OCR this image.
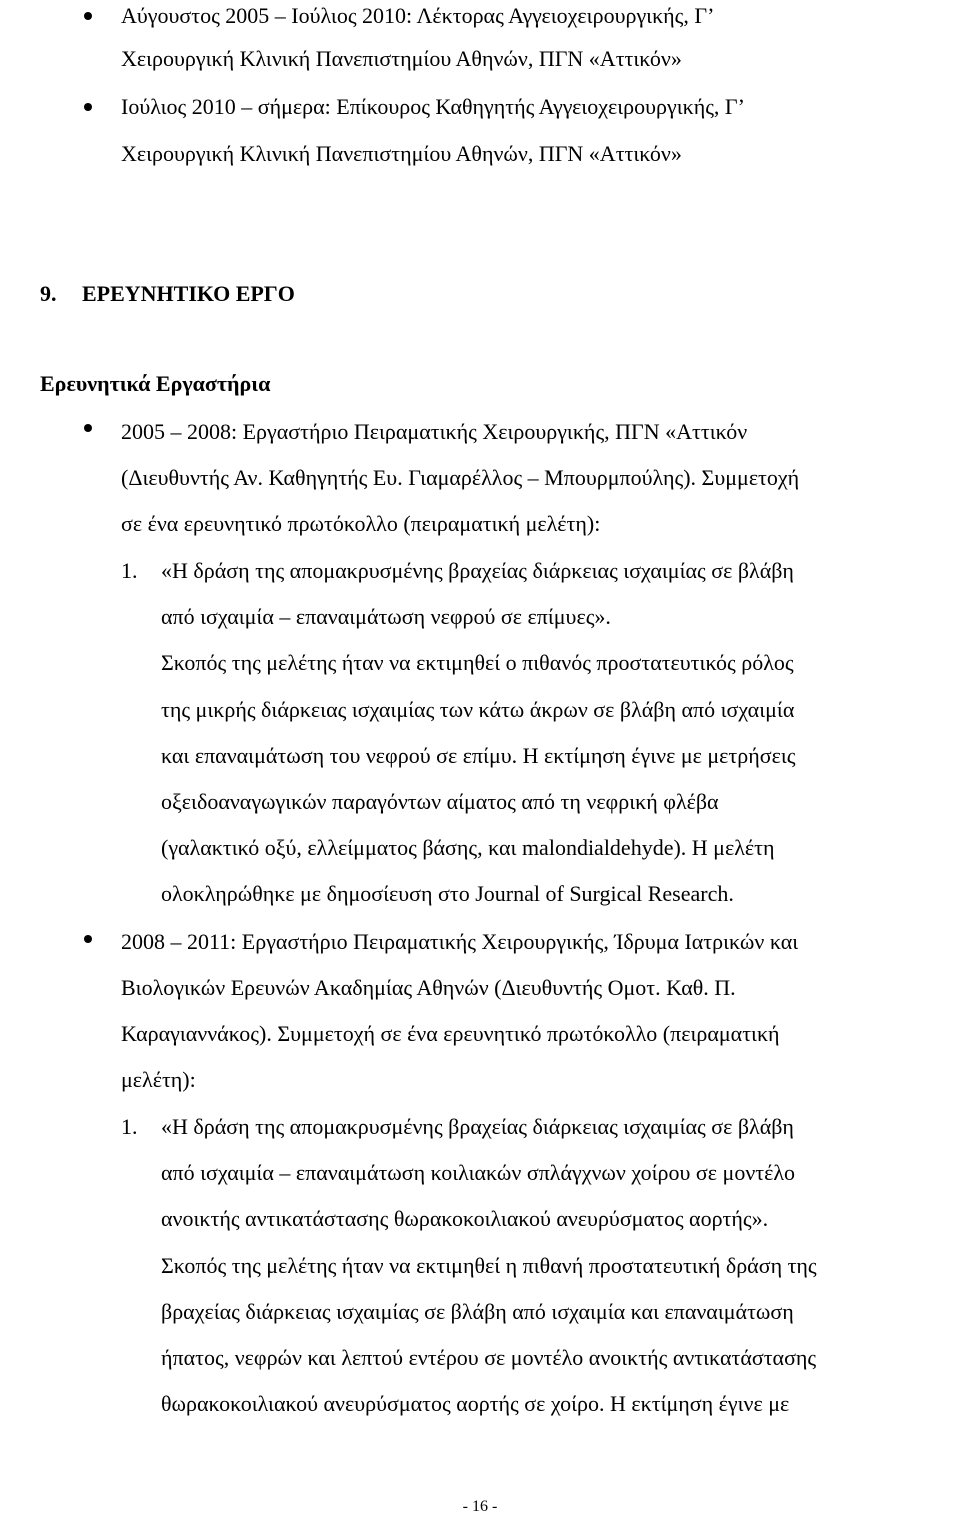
Αύγουστος 2005 – Ιούλιος 2010: Λέκτορας Αγγειοχειρουργικής, Γ’
Χειρουργική Κλινική Πανεπιστημίου Αθηνών, ΠΓΝ «Αττικόν»
Ιούλιος 2010 – σήμερα: Επίκουρος Καθηγητής Αγγειοχειρουργικής, Γ’
Χειρουργική Κλινική Πανεπιστημίου Αθηνών, ΠΓΝ «Αττικόν»
9. ΕΡΕΥΝΗΤΙΚΟ ΕΡΓΟ
Ερευνητικά Εργαστήρια
2005 – 2008: Εργαστήριο Πειραματικής Χειρουργικής, ΠΓΝ «Αττικόν
(Διευθυντής Αν. Καθηγητής Ευ. Γιαμαρέλλος – Μπουρμπούλης). Συμμετοχή
σε ένα ερευνητικό πρωτόκολλο (πειραματική μελέτη):
1. «Η δράση της απομακρυσμένης βραχείας διάρκειας ισχαιμίας σε βλάβη
από ισχαιμία – επαναιμάτωση νεφρού σε επίμυες».
Σκοπός της μελέτης ήταν να εκτιμηθεί ο πιθανός προστατευτικός ρόλος
της μικρής διάρκειας ισχαιμίας των κάτω άκρων σε βλάβη από ισχαιμία
και επαναιμάτωση του νεφρού σε επίμυ. Η εκτίμηση έγινε με μετρήσεις
οξειδοαναγωγικών παραγόντων αίματος από τη νεφρική φλέβα
(γαλακτικό οξύ, ελλείμματος βάσης, και malondialdehyde). Η μελέτη
ολοκληρώθηκε με δημοσίευση στο Journal of Surgical Research.
2008 – 2011: Εργαστήριο Πειραματικής Χειρουργικής, Ίδρυμα Ιατρικών και
Βιολογικών Ερευνών Ακαδημίας Αθηνών (Διευθυντής Ομοτ. Καθ. Π.
Καραγιαννάκος). Συμμετοχή σε ένα ερευνητικό πρωτόκολλο (πειραματική
μελέτη):
1. «Η δράση της απομακρυσμένης βραχείας διάρκειας ισχαιμίας σε βλάβη
από ισχαιμία – επαναιμάτωση κοιλιακών σπλάγχνων χοίρου σε μοντέλο
ανοικτής αντικατάστασης θωρακοκοιλιακού ανευρύσματος αορτής».
Σκοπός της μελέτης ήταν να εκτιμηθεί η πιθανή προστατευτική δράση της
βραχείας διάρκειας ισχαιμίας σε βλάβη από ισχαιμία και επαναιμάτωση
ήπατος, νεφρών και λεπτού εντέρου σε μοντέλο ανοικτής αντικατάστασης
θωρακοκοιλιακού ανευρύσματος αορτής σε χοίρο. Η εκτίμηση έγινε με
- 16 -
